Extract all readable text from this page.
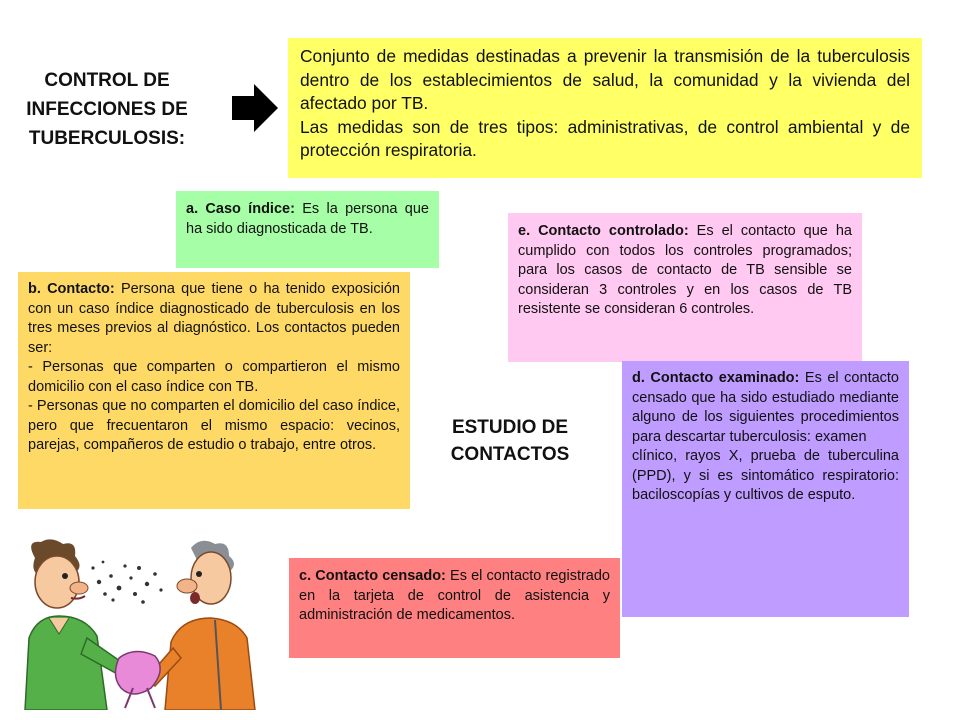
CONTROL DE
INFECCIONES DE
TUBERCULOSIS:

Conjunto de medidas destinadas a prevenir la transmisión de la tuberculosis dentro de los establecimientos de salud, la comunidad y la vivienda del afectado por TB.

Las medidas son de tres tipos: administrativas, de control ambiental y de protección respiratoria.

a. Caso índice: Es la persona que ha sido diagnosticada de TB.	e. Contacto controlado: Es el contacto que ha cumplido con todos los controles programados; para los casos de contacto de TB sensible se consideran 3 controles y en los casos de TB resistente se consideran 6 controles.

b. Contacto: Persona que tiene o ha tenido exposición con un caso índice diagnosticado de tuberculosis en los tres meses previos al diagnóstico. Los contactos pueden ser:

- Personas que comparten o compartieron el mismo domicilio con el caso índice con TB.

- Personas que no comparten el domicilio del caso índice, pero que frecuentaron el mismo espacio: vecinos, parejas, compañeros de estudio o trabajo, entre otros.

ESTUDIO DE
CONTACTOS

d. Contacto examinado: Es el contacto censado que ha sido estudiado mediante alguno de los siguientes procedimientos para descartar tuberculosis: examen

clínico, rayos X, prueba de tuberculina (PPD), y si es sintomático respiratorio: baciloscopías y cultivos de esputo.

c. Contacto censado: Es el contacto registrado en la tarjeta de control de asistencia y administración de medicamentos.
